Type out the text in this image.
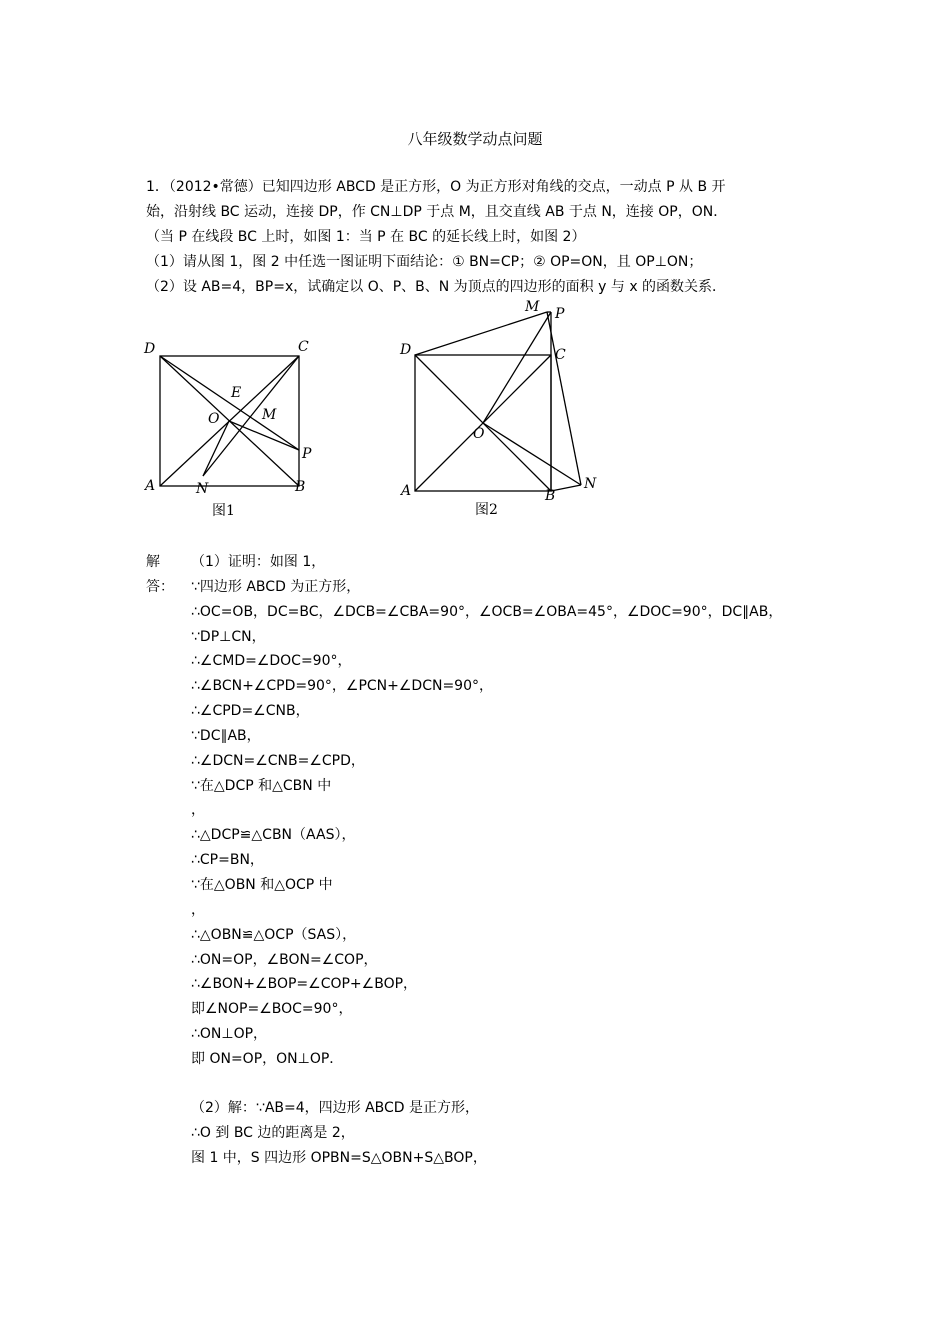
八年级数学动点问题
1．（2012•常德）已知四边形 ABCD 是正方形，O 为正方形对角线的交点，一动点 P 从 B 开
始，沿射线 BC 运动，连接 DP，作 CN⊥DP 于点 M，且交直线 AB 于点 N，连接 OP，ON．
（当 P 在线段 BC 上时，如图 1：当 P 在 BC 的延长线上时，如图 2）
（1）请从图 1，图 2 中任选一图证明下面结论：① BN=CP；② OP=ON，且 OP⊥ON；
（2）设 AB=4，BP=x，试确定以 O、P、B、N 为顶点的四边形的面积 y 与 x 的函数关系．
D	C
E
O	M
P
A	N	B
图1
M P
D	C
O
A	B
N
图2
解
答：
（1）证明：如图 1，
∵四边形 ABCD 为正方形，
∴OC=OB，DC=BC，∠DCB=∠CBA=90°，∠OCB=∠OBA=45°，∠DOC=90°，DC∥AB，
∵DP⊥CN，
∴∠CMD=∠DOC=90°，
∴∠BCN+∠CPD=90°，∠PCN+∠DCN=90°，
∴∠CPD=∠CNB，
∵DC∥AB，
∴∠DCN=∠CNB=∠CPD，
∵在△DCP 和△CBN 中
，
∴△DCP≌△CBN（AAS），
∴CP=BN，
∵在△OBN 和△OCP 中
，
∴△OBN≌△OCP（SAS），
∴ON=OP，∠BON=∠COP，
∴∠BON+∠BOP=∠COP+∠BOP，
即∠NOP=∠BOC=90°，
∴ON⊥OP，
即 ON=OP，ON⊥OP．
（2）解：∵AB=4，四边形 ABCD 是正方形，
∴O 到 BC 边的距离是 2，
图 1 中，S 四边形 OPBN=S△OBN+S△BOP，
